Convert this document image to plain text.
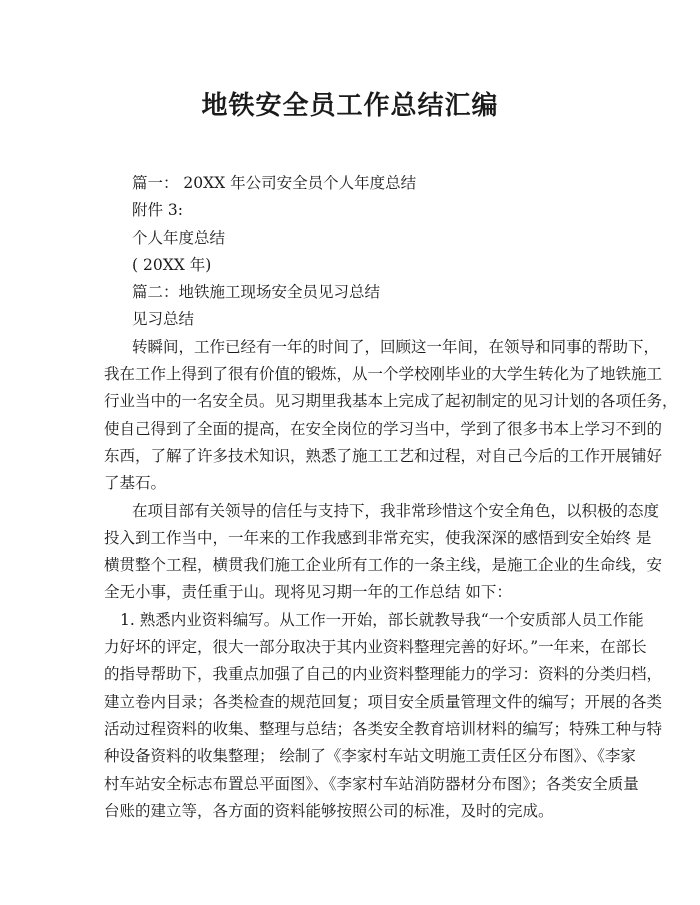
地铁安全员工作总结汇编
篇一： 20XX 年公司安全员个人年度总结
附件 3:
个人年度总结
( 20XX 年)
篇二：地铁施工现场安全员见习总结
见习总结
转瞬间，工作已经有一年的时间了，回顾这一年间，在领导和同事的帮助下，
我在工作上得到了很有价值的锻炼，从一个学校刚毕业的大学生转化为了地铁施工
行业当中的一名安全员。见习期里我基本上完成了起初制定的见习计划的各项任务，
使自己得到了全面的提高，在安全岗位的学习当中，学到了很多书本上学习不到的
东西，了解了许多技术知识，熟悉了施工工艺和过程，对自己今后的工作开展铺好
了基石。
在项目部有关领导的信任与支持下，我非常珍惜这个安全角色，以积极的态度
投入到工作当中，一年来的工作我感到非常充实，使我深深的感悟到安全始终 是
横贯整个工程，横贯我们施工企业所有工作的一条主线，是施工企业的生命线，安
全无小事，责任重于山。现将见习期一年的工作总结 如下：
1. 熟悉内业资料编写。从工作一开始，部长就教导我“一个安质部人员工作能
力好坏的评定，很大一部分取决于其内业资料整理完善的好坏。”一年来，在部长
的指导帮助下，我重点加强了自己的内业资料整理能力的学习：资料的分类归档，
建立卷内目录；各类检查的规范回复；项目安全质量管理文件的编写；开展的各类
活动过程资料的收集、整理与总结；各类安全教育培训材料的编写；特殊工种与特
种设备资料的收集整理； 绘制了《李家村车站文明施工责任区分布图》、《李家
村车站安全标志布置总平面图》、《李家村车站消防器材分布图》；各类安全质量
台账的建立等，各方面的资料能够按照公司的标准，及时的完成。
